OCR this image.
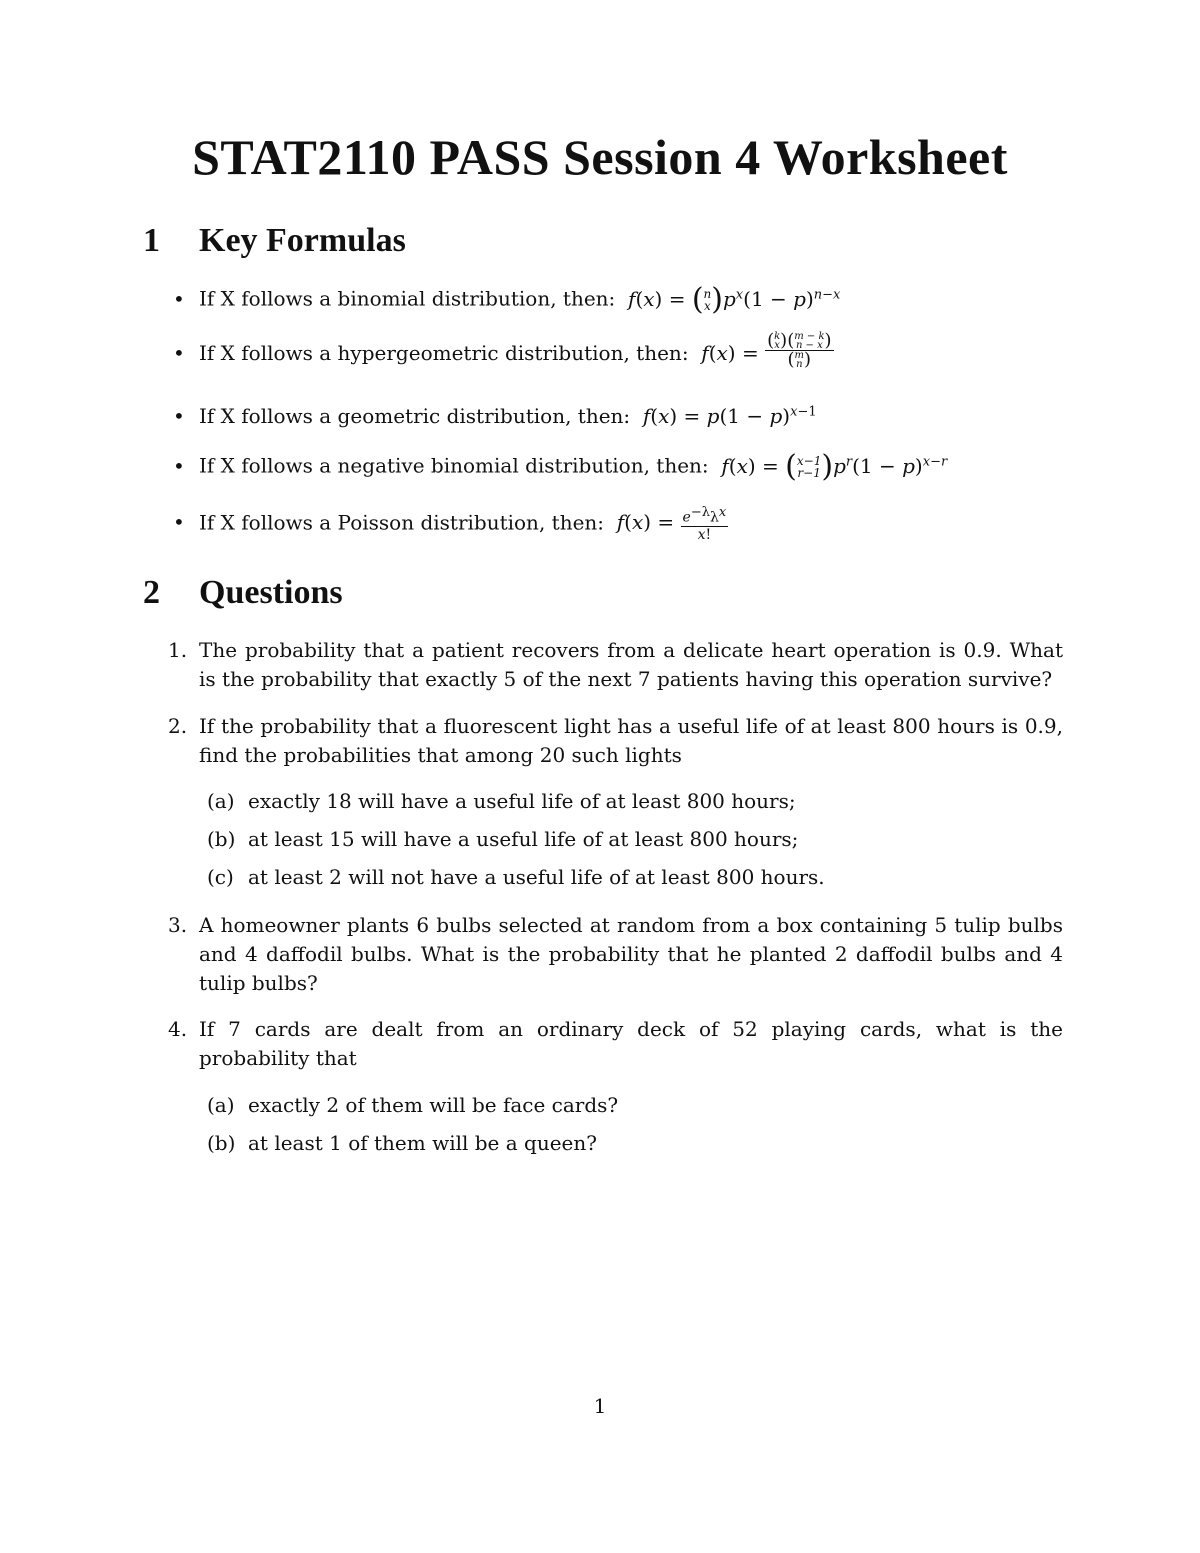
STAT2110 PASS Session 4 Worksheet
1 Key Formulas
• If X follows a binomial distribution, then: f(x) = ( n
x ) $p^x(1 - p)^{n-x}$
• If X follows a hypergeometric distribution, then: f(x) = ( k
x ) ( m − k
n − x )
( m
n )
• If X follows a geometric distribution, then: $f(x) = p(1 - p)^{x-1}$
• If X follows a negative binomial distribution, then: f(x) = ( x−1
r−1 ) $p^r(1 - p)^{x-r}$
• If X follows a Poisson distribution, then: $f(x) = \frac{e^{-\lambda}\lambda^x}{x!}$
2 Questions
1. The probability that a patient recovers from a delicate heart operation is 0.9. What is the probability that exactly 5 of the next 7 patients having this operation survive?
2. If the probability that a fluorescent light has a useful life of at least 800 hours is 0.9, find the probabilities that among 20 such lights
(a) exactly 18 will have a useful life of at least 800 hours;
(b) at least 15 will have a useful life of at least 800 hours;
(c) at least 2 will not have a useful life of at least 800 hours.
3. A homeowner plants 6 bulbs selected at random from a box containing 5 tulip bulbs and 4 daffodil bulbs. What is the probability that he planted 2 daffodil bulbs and 4 tulip bulbs?
4. If 7 cards are dealt from an ordinary deck of 52 playing cards, what is the probability that
(a) exactly 2 of them will be face cards?
(b) at least 1 of them will be a queen?
1
